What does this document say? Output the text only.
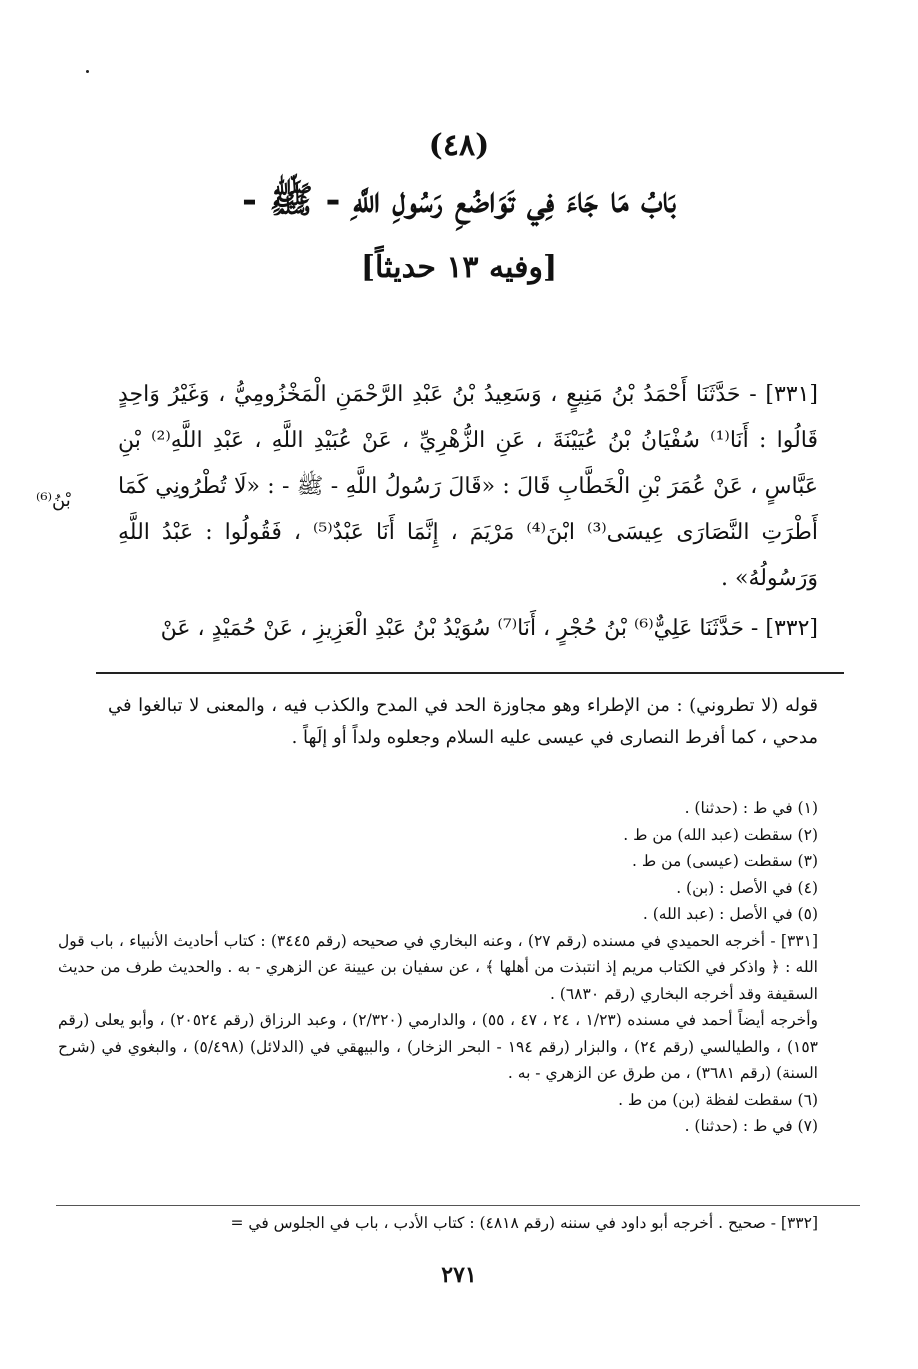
(٤٨)
بَابُ مَا جَاءَ فِي تَوَاضُعِ رَسُولِ اللَّهِ - ﷺ -
[وفيه ١٣ حديثاً]
[٣٣١] - حَدَّثَنَا أَحْمَدُ بْنُ مَنِيعٍ ، وَسَعِيدُ بْنُ عَبْدِ الرَّحْمَنِ الْمَخْزُومِيُّ ، وَغَيْرُ وَاحِدٍ قَالُوا : أَنَا⁽¹⁾ سُفْيَانُ بْنُ عُيَيْنَةَ ، عَنِ الزُّهْرِيِّ ، عَنْ عُبَيْدِ اللَّهِ ، عَبْدِ اللَّهِ⁽²⁾ بْنِ عَبَّاسٍ ، عَنْ عُمَرَ بْنِ الْخَطَّابِ قَالَ : «قَالَ رَسُولُ اللَّهِ - ﷺ - : «لَا تُطْرُونِي كَمَا أَطْرَتِ النَّصَارَى عِيسَى⁽³⁾ ابْنَ⁽⁴⁾ مَرْيَمَ ، إِنَّمَا أَنَا عَبْدٌ⁽⁵⁾ ، فَقُولُوا : عَبْدُ اللَّهِ وَرَسُولُهُ» .
بْنُ⁽⁶⁾
[٣٣٢] - حَدَّثَنَا عَلِيٌّ⁽⁶⁾ بْنُ حُجْرٍ ، أَنَا⁽⁷⁾ سُوَيْدُ بْنُ عَبْدِ الْعَزِيزِ ، عَنْ حُمَيْدٍ ، عَنْ
قوله (لا تطروني) : من الإطراء وهو مجاوزة الحد في المدح والكذب فيه ، والمعنى لا تبالغوا في مدحي ، كما أفرط النصارى في عيسى عليه السلام وجعلوه ولداً أو إلَهاً .

(١) في ط : (حدثنا) .

(٢) سقطت (عبد الله) من ط .

(٣) سقطت (عيسى) من ط .

(٤) في الأصل : (بن) .

(٥) في الأصل : (عبد الله) .

[٣٣١] - أخرجه الحميدي في مسنده (رقم ٢٧) ، وعنه البخاري في صحيحه (رقم ٣٤٤٥) : كتاب أحاديث الأنبياء ، باب قول الله : ﴿ واذكر في الكتاب مريم إذ انتبذت من أهلها ﴾ ، عن سفيان بن عيينة عن الزهري - به . والحديث طرف من حديث السقيفة وقد أخرجه البخاري (رقم ٦٨٣٠) .

وأخرجه أيضاً أحمد في مسنده (١/٢٣ ، ٢٤ ، ٤٧ ، ٥٥) ، والدارمي (٢/٣٢٠) ، وعبد الرزاق (رقم ٢٠٥٢٤) ، وأبو يعلى (رقم ١٥٣) ، والطيالسي (رقم ٢٤) ، والبزار (رقم ١٩٤ - البحر الزخار) ، والبيهقي في (الدلائل) (٥/٤٩٨) ، والبغوي في (شرح السنة) (رقم ٣٦٨١) ، من طرق عن الزهري - به .

(٦) سقطت لفظة (بن) من ط .

(٧) في ط : (حدثنا) .

[٣٣٢] - صحيح . أخرجه أبو داود في سننه (رقم ٤٨١٨) : كتاب الأدب ، باب في الجلوس في =
٢٧١
